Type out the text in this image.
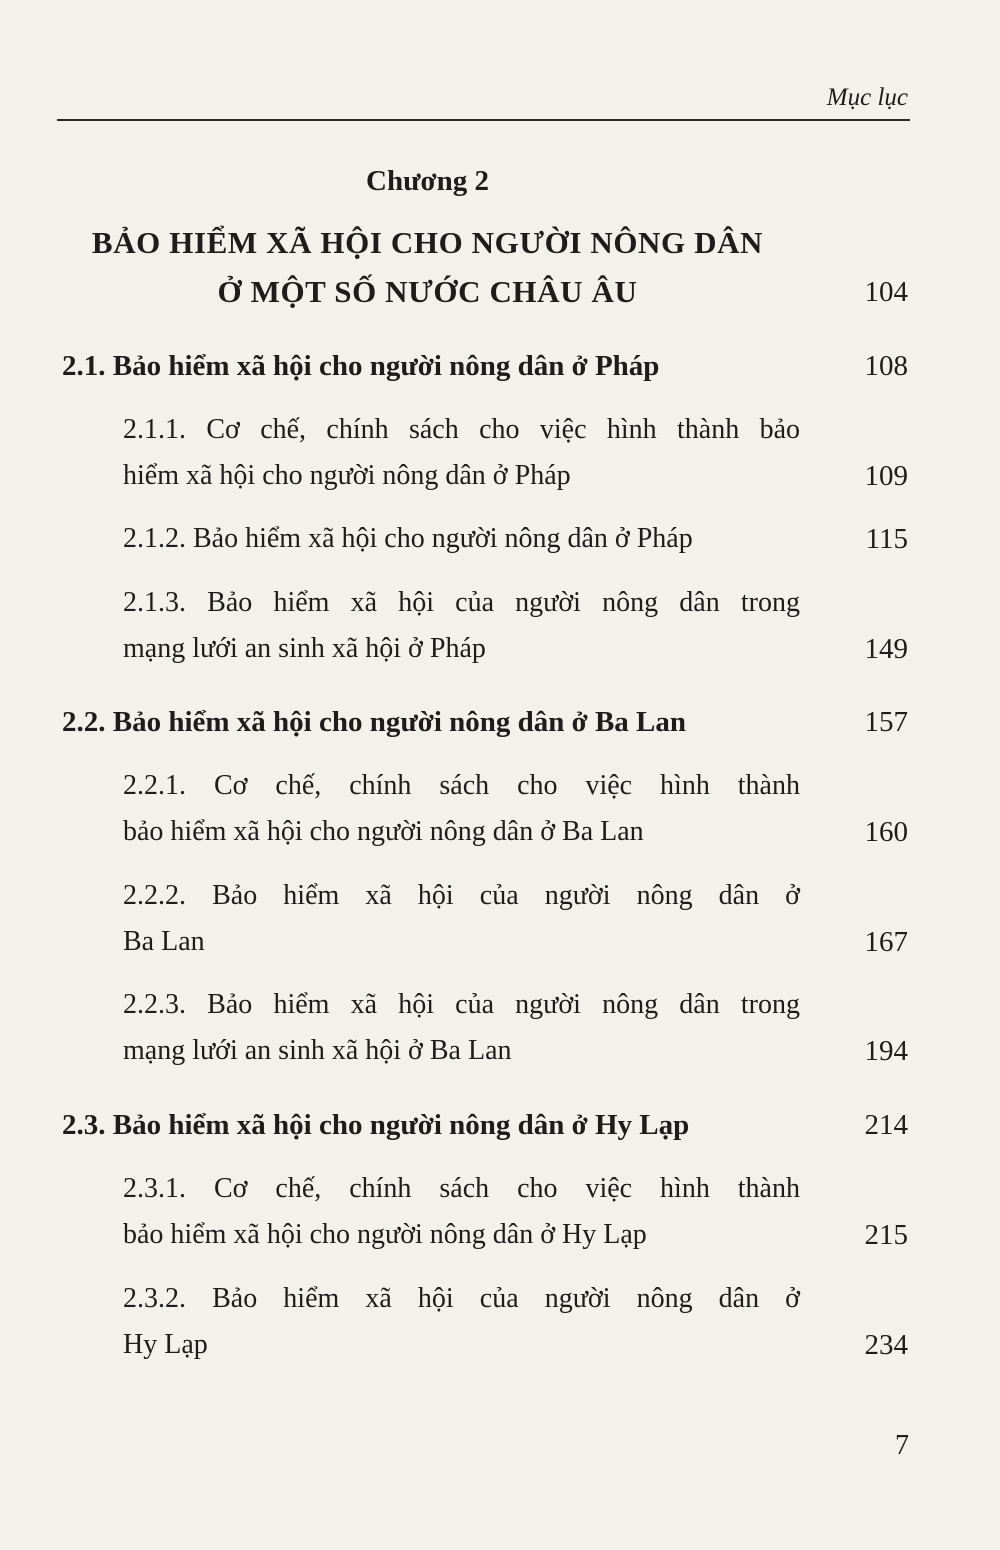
Mục lục
Chương 2
BẢO HIỂM XÃ HỘI CHO NGƯỜI NÔNG DÂN
Ở MỘT SỐ NƯỚC CHÂU ÂU	104
2.1. Bảo hiểm xã hội cho người nông dân ở Pháp	108
2.1.1. Cơ chế, chính sách cho việc hình thành bảo
hiểm xã hội cho người nông dân ở Pháp	109
2.1.2. Bảo hiểm xã hội cho người nông dân ở Pháp	115
2.1.3. Bảo hiểm xã hội của người nông dân trong
mạng lưới an sinh xã hội ở Pháp	149
2.2. Bảo hiểm xã hội cho người nông dân ở Ba Lan	157
2.2.1. Cơ chế, chính sách cho việc hình thành
bảo hiểm xã hội cho người nông dân ở Ba Lan	160
2.2.2. Bảo hiểm xã hội của người nông dân ở
Ba Lan	167
2.2.3. Bảo hiểm xã hội của người nông dân trong
mạng lưới an sinh xã hội ở Ba Lan	194
2.3. Bảo hiểm xã hội cho người nông dân ở Hy Lạp	214
2.3.1. Cơ chế, chính sách cho việc hình thành
bảo hiểm xã hội cho người nông dân ở Hy Lạp	215
2.3.2. Bảo hiểm xã hội của người nông dân ở
Hy Lạp	234
7
